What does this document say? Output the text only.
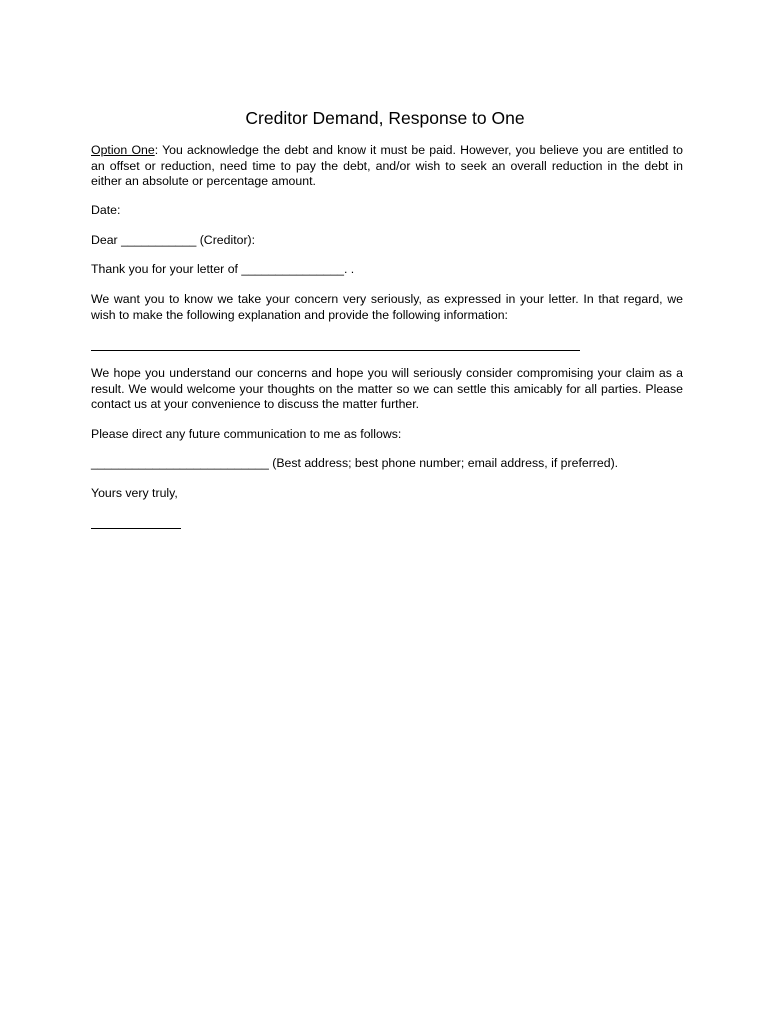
Creditor Demand, Response to One
Option One: You acknowledge the debt and know it must be paid. However, you believe you are entitled to an offset or reduction, need time to pay the debt, and/or wish to seek an overall reduction in the debt in either an absolute or percentage amount.
Date:
Dear ___________ (Creditor):
Thank you for your letter of _______________. .
We want you to know we take your concern very seriously, as expressed in your letter. In that regard, we wish to make the following explanation and provide the following information:
We hope you understand our concerns and hope you will seriously consider compromising your claim as a result. We would welcome your thoughts on the matter so we can settle this amicably for all parties. Please contact us at your convenience to discuss the matter further.
Please direct any future communication to me as follows:
__________________________ (Best address; best phone number; email address, if preferred).
Yours very truly,
